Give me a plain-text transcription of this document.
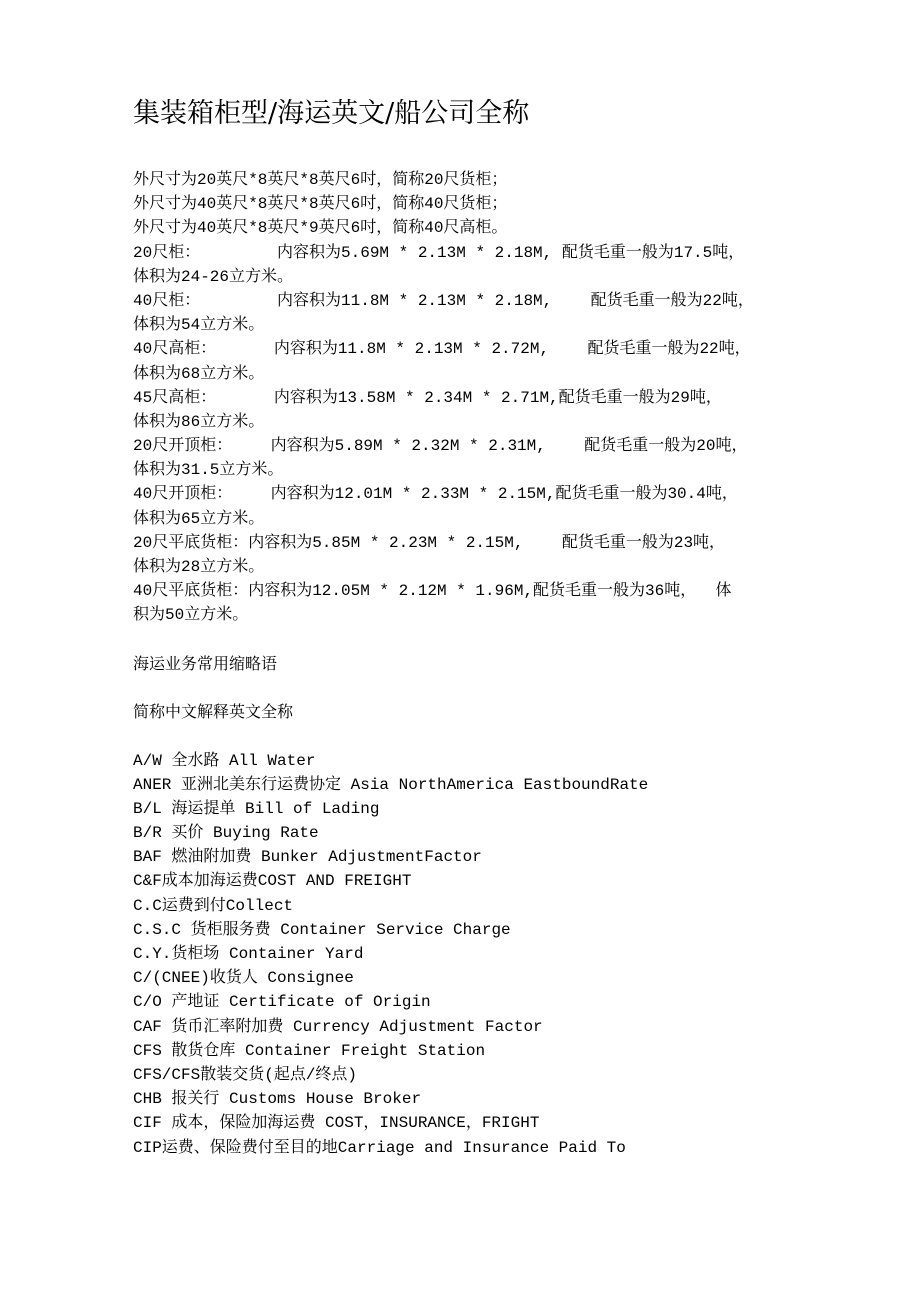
集装箱柜型/海运英文/船公司全称
外尺寸为20英尺*8英尺*8英尺6吋，简称20尺货柜；
外尺寸为40英尺*8英尺*8英尺6吋，简称40尺货柜；
外尺寸为40英尺*8英尺*9英尺6吋，简称40尺高柜。
20尺柜：        内容积为5.69M * 2.13M * 2.18M, 配货毛重一般为17.5吨，
体积为24-26立方米。
40尺柜：        内容积为11.8M * 2.13M * 2.18M,    配货毛重一般为22吨，
体积为54立方米。
40尺高柜：      内容积为11.8M * 2.13M * 2.72M,    配货毛重一般为22吨，
体积为68立方米。
45尺高柜：      内容积为13.58M * 2.34M * 2.71M,配货毛重一般为29吨，
体积为86立方米。
20尺开顶柜：    内容积为5.89M * 2.32M * 2.31M,    配货毛重一般为20吨，
体积为31.5立方米。
40尺开顶柜：    内容积为12.01M * 2.33M * 2.15M,配货毛重一般为30.4吨，
体积为65立方米。
20尺平底货柜：内容积为5.85M * 2.23M * 2.15M,    配货毛重一般为23吨，
体积为28立方米。
40尺平底货柜：内容积为12.05M * 2.12M * 1.96M,配货毛重一般为36吨，  体
积为50立方米。
海运业务常用缩略语
简称中文解释英文全称
A/W 全水路 All Water
ANER 亚洲北美东行运费协定 Asia NorthAmerica EastboundRate
B/L 海运提单 Bill of Lading
B/R 买价 Buying Rate
BAF 燃油附加费 Bunker AdjustmentFactor
C&F成本加海运费COST AND FREIGHT
C.C运费到付Collect
C.S.C 货柜服务费 Container Service Charge
C.Y.货柜场 Container Yard
C/(CNEE)收货人 Consignee
C/O 产地证 Certificate of Origin
CAF 货币汇率附加费 Currency Adjustment Factor
CFS 散货仓库 Container Freight Station
CFS/CFS散装交货(起点/终点)
CHB 报关行 Customs House Broker
CIF 成本，保险加海运费 COST，INSURANCE，FRIGHT
CIP运费、保险费付至目的地Carriage and Insurance Paid To
